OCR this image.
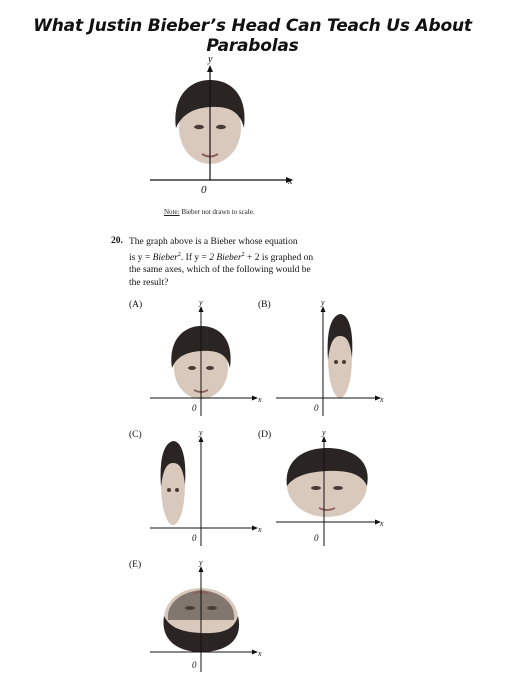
What Justin Bieber’s Head Can Teach Us About Parabolas
y
x
0
Note: Bieber not drawn to scale.
20. The graph above is a Bieber whose equation
is y = Bieber$^2$. If y = 2 Bieber$^2$ + 2 is graphed on
the same axes, which of the following would be
the result?
(A)	(B)
(C)	(D)
(E)
y
x
0
y
x
0
y
x
0
y
x
0
y
x
0
